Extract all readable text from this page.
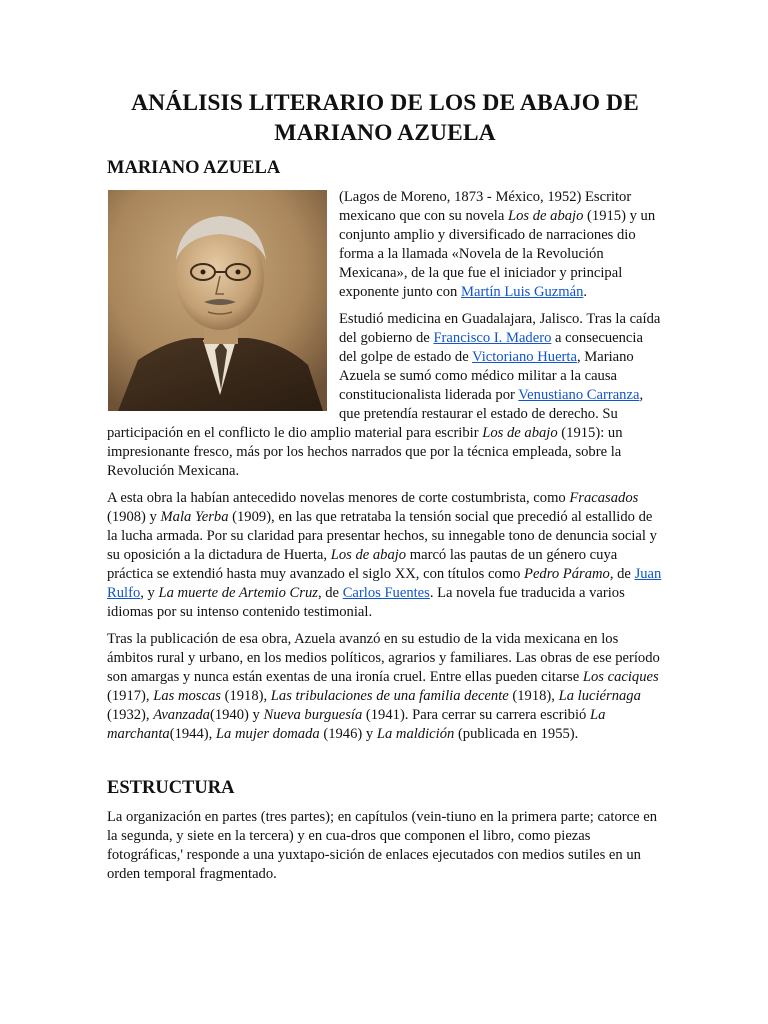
ANÁLISIS LITERARIO DE LOS DE ABAJO DE
MARIANO AZUELA
MARIANO AZUELA

(Lagos de Moreno, 1873 - México, 1952) Escritor mexicano que con su novela Los de abajo (1915) y un conjunto amplio y diversificado de narraciones dio forma a la llamada «Novela de la Revolución Mexicana», de la que fue el iniciador y principal exponente junto con Martín Luis Guzmán.

Estudió medicina en Guadalajara, Jalisco. Tras la caída del gobierno de Francisco I. Madero a consecuencia del golpe de estado de Victoriano Huerta, Mariano Azuela se sumó como médico militar a la causa constitucionalista liderada por Venustiano Carranza, que pretendía restaurar el estado de derecho. Su participación en el conflicto le dio amplio material para escribir Los de abajo (1915): un impresionante fresco, más por los hechos narrados que por la técnica empleada, sobre la Revolución Mexicana.

A esta obra la habían antecedido novelas menores de corte costumbrista, como Fracasados (1908) y Mala Yerba (1909), en las que retrataba la tensión social que precedió al estallido de la lucha armada. Por su claridad para presentar hechos, su innegable tono de denuncia social y su oposición a la dictadura de Huerta, Los de abajo marcó las pautas de un género cuya práctica se extendió hasta muy avanzado el siglo XX, con títulos como Pedro Páramo, de Juan Rulfo, y La muerte de Artemio Cruz, de Carlos Fuentes. La novela fue traducida a varios idiomas por su intenso contenido testimonial.

Tras la publicación de esa obra, Azuela avanzó en su estudio de la vida mexicana en los ámbitos rural y urbano, en los medios políticos, agrarios y familiares. Las obras de ese período son amargas y nunca están exentas de una ironía cruel. Entre ellas pueden citarse Los caciques (1917), Las moscas (1918), Las tribulaciones de una familia decente (1918), La luciérnaga (1932), Avanzada(1940) y Nueva burguesía (1941). Para cerrar su carrera escribió La marchanta(1944), La mujer domada (1946) y La maldición (publicada en 1955).

ESTRUCTURA

La organización en partes (tres partes); en capítulos (vein-tiuno en la primera parte; catorce en la segunda, y siete en la tercera) y en cua-dros que componen el libro, como piezas fotográficas,' responde a una yuxtapo-sición de enlaces ejecutados con medios sutiles en un orden temporal fragmentado.
